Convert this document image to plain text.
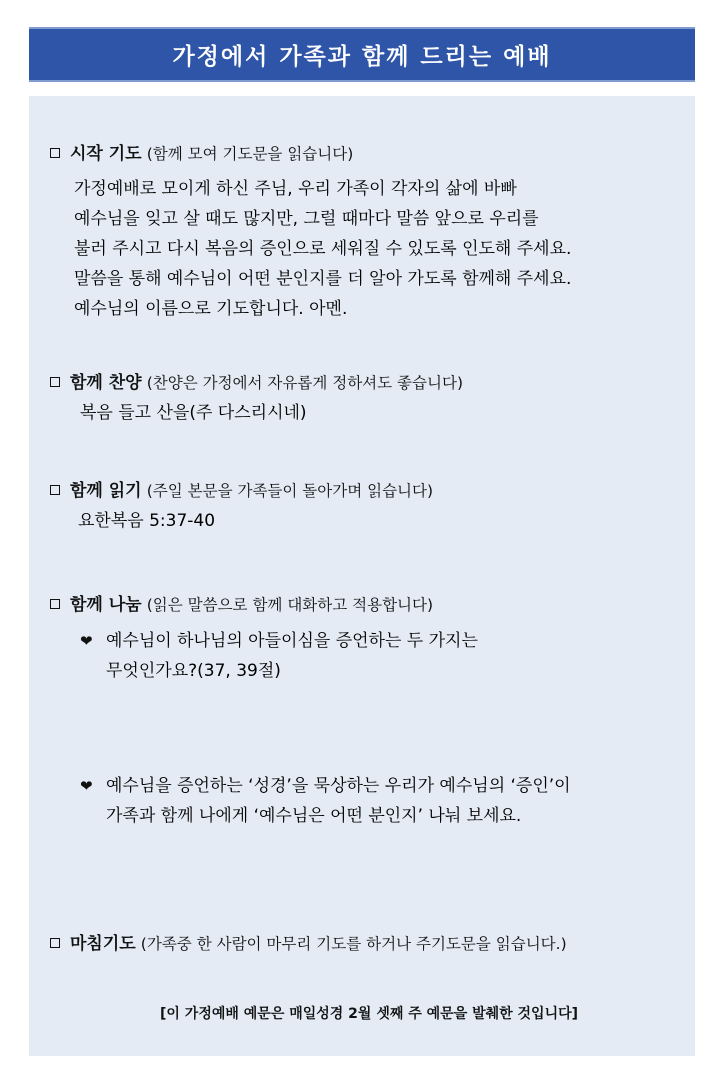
가정에서 가족과 함께 드리는 예배
시작 기도 (함께 모여 기도문을 읽습니다)
가정예배로 모이게 하신 주님, 우리 가족이 각자의 삶에 바빠
예수님을 잊고 살 때도 많지만, 그럴 때마다 말씀 앞으로 우리를
불러 주시고 다시 복음의 증인으로 세워질 수 있도록 인도해 주세요.
말씀을 통해 예수님이 어떤 분인지를 더 알아 가도록 함께해 주세요.
예수님의 이름으로 기도합니다. 아멘.
함께 찬양 (찬양은 가정에서 자유롭게 정하셔도 좋습니다)
복음 들고 산을(주 다스리시네)
함께 읽기 (주일 본문을 가족들이 돌아가며 읽습니다)
요한복음 5:37-40
함께 나눔 (읽은 말씀으로 함께 대화하고 적용합니다)
❤ 예수님이 하나님의 아들이심을 증언하는 두 가지는
무엇인가요?(37, 39절)
❤ 예수님을 증언하는 ‘성경’을 묵상하는 우리가 예수님의 ‘증인’이
가족과 함께 나에게 ‘예수님은 어떤 분인지’ 나눠 보세요.
마침기도 (가족중 한 사람이 마무리 기도를 하거나 주기도문을 읽습니다.)
[이 가정예배 예문은 매일성경 2월 셋째 주 예문을 발췌한 것입니다]
